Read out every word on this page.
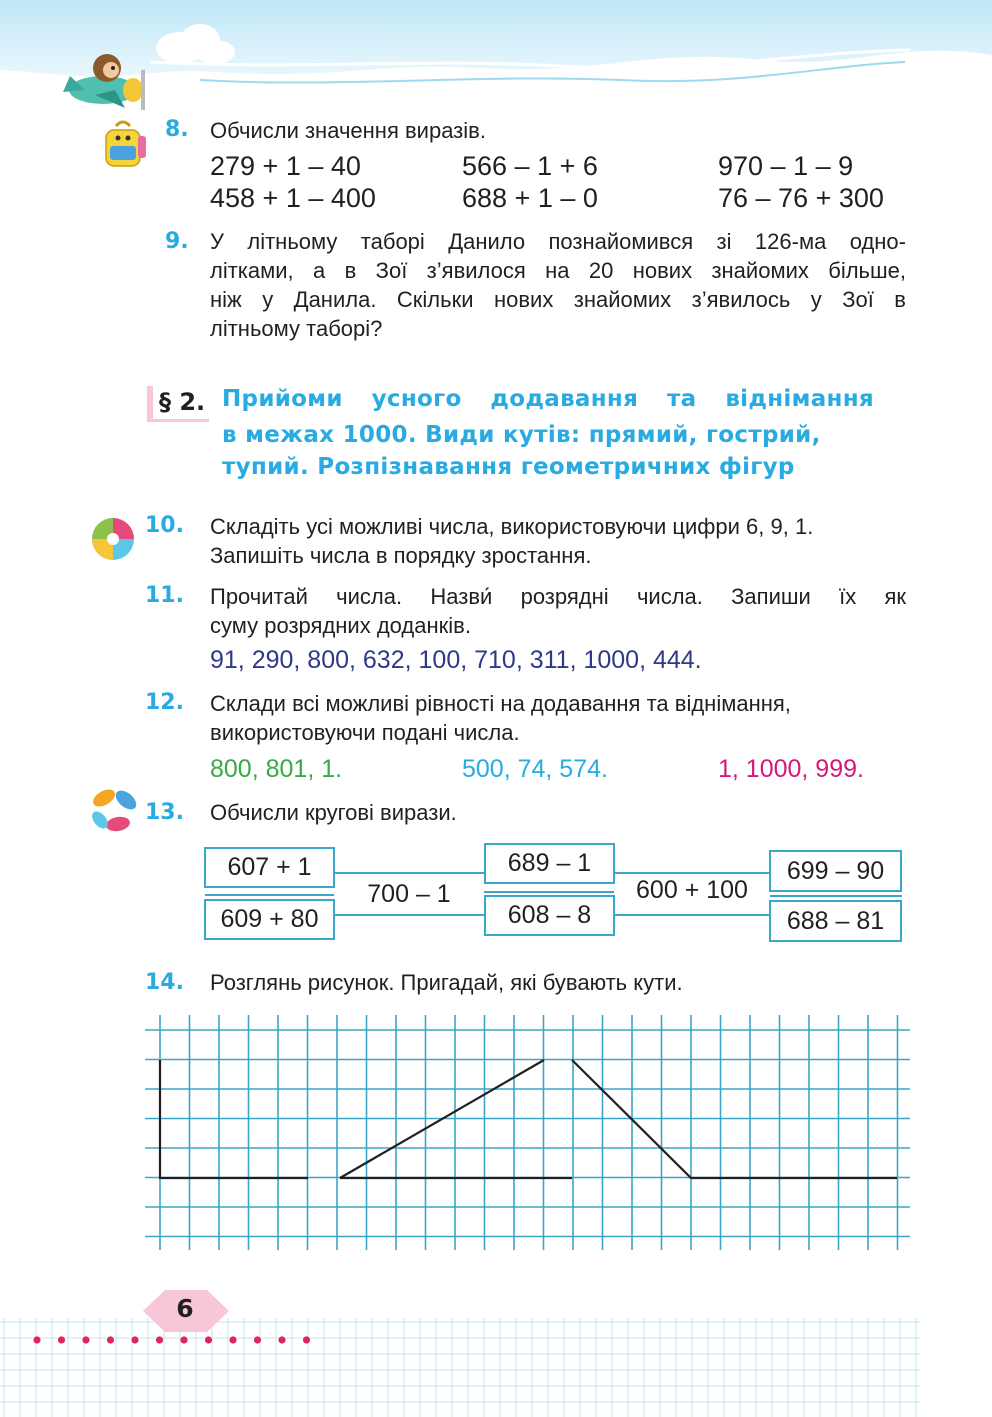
8. Обчисли значення виразів.
279 + 1 – 40	566 – 1 + 6	970 – 1 – 9
458 + 1 – 400	688 + 1 – 0	76 – 76 + 300
9. У літньому таборі Данило познайомився зі 126-ма одно-
літками, а в Зої з’явилося на 20 нових знайомих більше,
ніж у Данила. Скільки нових знайомих з’явилось у Зої в
літньому таборі?
§ 2. Прийоми усного додавання та віднімання
в межах 1000. Види кутів: прямий, гострий,
тупий. Розпізнавання геометричних фігур
10. Складіть усі можливі числа, використовуючи цифри 6, 9, 1.
Запишіть числа в порядку зростання.
11. Прочитай числа. Назви́ розрядні числа. Запиши їх як
суму розрядних доданків.
91, 290, 800, 632, 100, 710, 311, 1000, 444.
12. Склади всі можливі рівності на додавання та віднімання,
використовуючи подані числа.
800, 801, 1.	500, 74, 574.	1, 1000, 999.
13. Обчисли кругові вирази.
607 + 1
609 + 80
700 – 1
689 – 1
608 – 8
600 + 100
699 – 90
688 – 81
14. Розглянь рисунок. Пригадай, які бувають кути.
6
